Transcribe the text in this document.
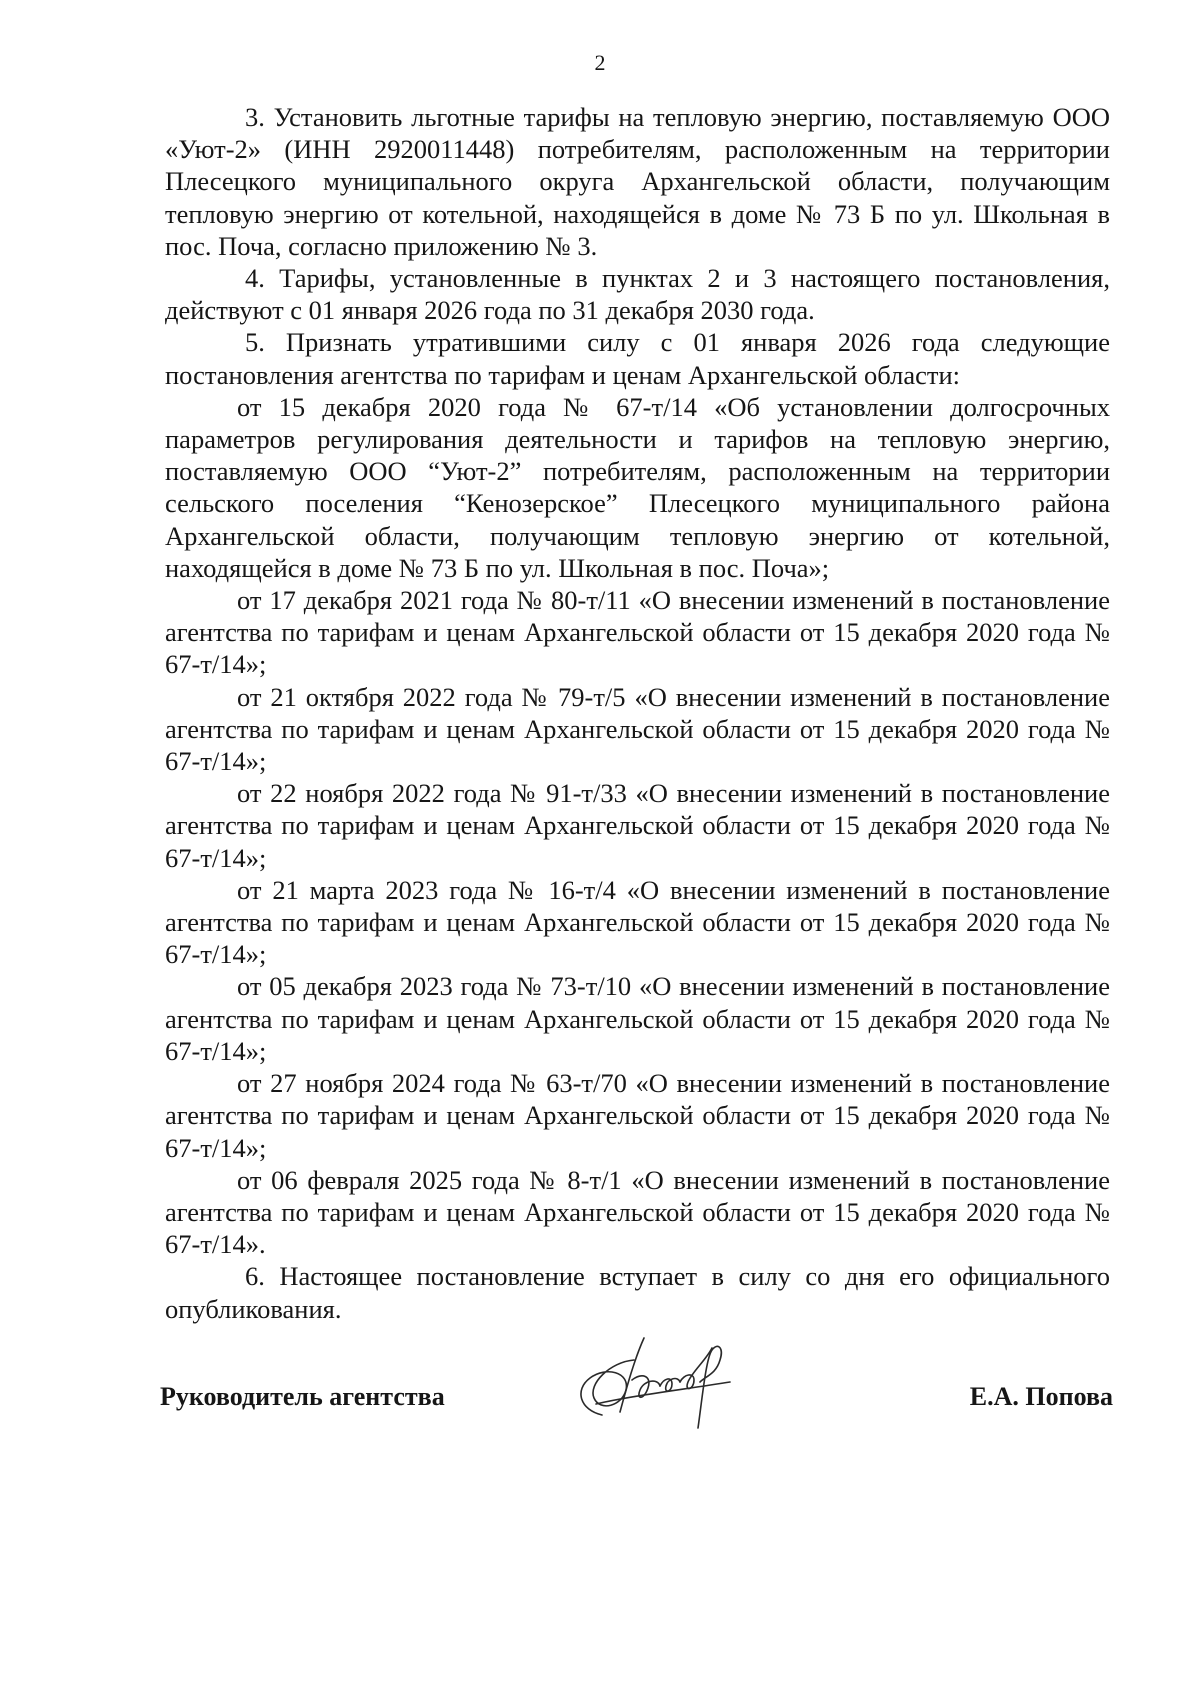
2

3. Установить льготные тарифы на тепловую энергию, поставляемую ООО «Уют-2» (ИНН 2920011448) потребителям, расположенным на территории Плесецкого муниципального округа Архангельской области, получающим тепловую энергию от котельной, находящейся в доме № 73 Б по ул. Школьная в пос. Поча, согласно приложению № 3.

4. Тарифы, установленные в пунктах 2 и 3 настоящего постановления, действуют с 01 января 2026 года по 31 декабря 2030 года.

5. Признать утратившими силу с 01 января 2026 года следующие постановления агентства по тарифам и ценам Архангельской области:

от 15 декабря 2020 года № 67-т/14 «Об установлении долгосрочных параметров регулирования деятельности и тарифов на тепловую энергию, поставляемую ООО “Уют-2” потребителям, расположенным на территории сельского поселения “Кенозерское” Плесецкого муниципального района Архангельской области, получающим тепловую энергию от котельной, находящейся в доме № 73 Б по ул. Школьная в пос. Поча»;

от 17 декабря 2021 года № 80-т/11 «О внесении изменений в постановление агентства по тарифам и ценам Архангельской области от 15 декабря 2020 года № 67-т/14»;

от 21 октября 2022 года № 79-т/5 «О внесении изменений в постановление агентства по тарифам и ценам Архангельской области от 15 декабря 2020 года № 67-т/14»;

от 22 ноября 2022 года № 91-т/33 «О внесении изменений в постановление агентства по тарифам и ценам Архангельской области от 15 декабря 2020 года № 67-т/14»;

от 21 марта 2023 года № 16-т/4 «О внесении изменений в постановление агентства по тарифам и ценам Архангельской области от 15 декабря 2020 года № 67-т/14»;

от 05 декабря 2023 года № 73-т/10 «О внесении изменений в постановление агентства по тарифам и ценам Архангельской области от 15 декабря 2020 года № 67-т/14»;

от 27 ноября 2024 года № 63-т/70 «О внесении изменений в постановление агентства по тарифам и ценам Архангельской области от 15 декабря 2020 года № 67-т/14»;

от 06 февраля 2025 года № 8-т/1 «О внесении изменений в постановление агентства по тарифам и ценам Архангельской области от 15 декабря 2020 года № 67-т/14».

6. Настоящее постановление вступает в силу со дня его официального опубликования.

Руководитель агентства	Е.А. Попова
